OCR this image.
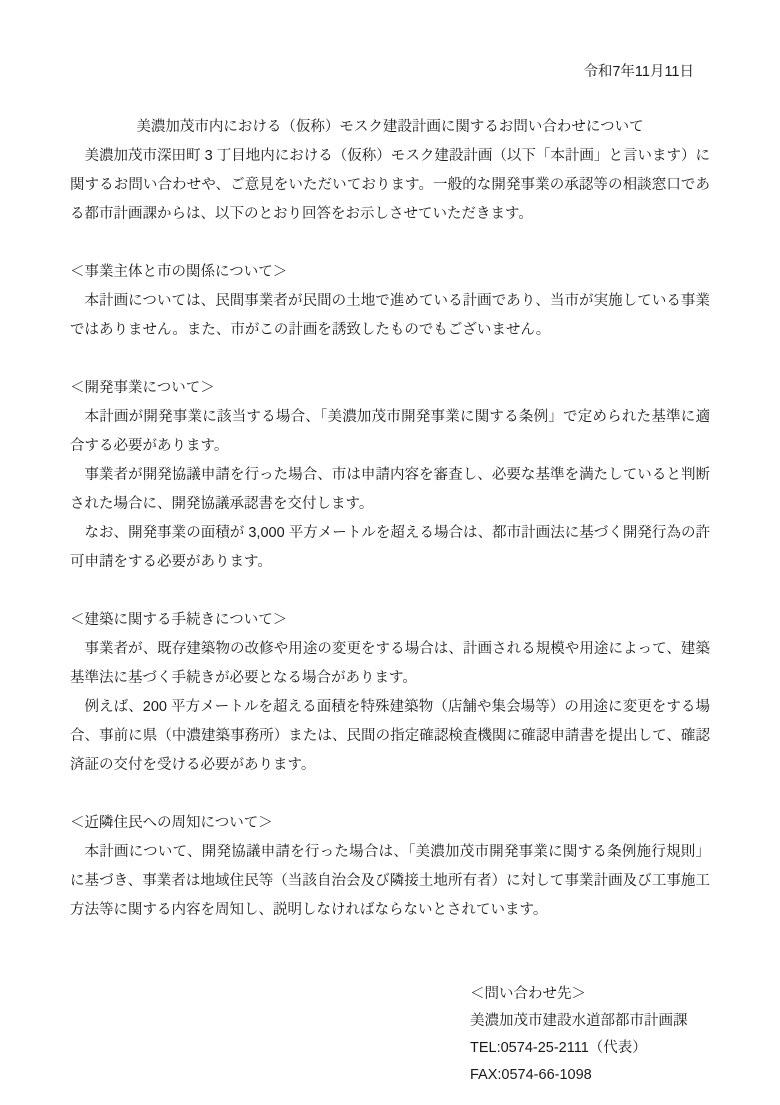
令和7年11月11日
美濃加茂市内における（仮称）モスク建設計画に関するお問い合わせについて

美濃加茂市深田町 3 丁目地内における（仮称）モスク建設計画（以下「本計画」と言います）に関するお問い合わせや、ご意見をいただいております。一般的な開発事業の承認等の相談窓口である都市計画課からは、以下のとおり回答をお示しさせていただきます。

＜事業主体と市の関係について＞

本計画については、民間事業者が民間の土地で進めている計画であり、当市が実施している事業ではありません。また、市がこの計画を誘致したものでもございません。

＜開発事業について＞

本計画が開発事業に該当する場合、「美濃加茂市開発事業に関する条例」で定められた基準に適合する必要があります。

事業者が開発協議申請を行った場合、市は申請内容を審査し、必要な基準を満たしていると判断された場合に、開発協議承認書を交付します。

なお、開発事業の面積が 3,000 平方メートルを超える場合は、都市計画法に基づく開発行為の許可申請をする必要があります。

＜建築に関する手続きについて＞

事業者が、既存建築物の改修や用途の変更をする場合は、計画される規模や用途によって、建築基準法に基づく手続きが必要となる場合があります。

例えば、200 平方メートルを超える面積を特殊建築物（店舗や集会場等）の用途に変更をする場合、事前に県（中濃建築事務所）または、民間の指定確認検査機関に確認申請書を提出して、確認済証の交付を受ける必要があります。

＜近隣住民への周知について＞

本計画について、開発協議申請を行った場合は、「美濃加茂市開発事業に関する条例施行規則」に基づき、事業者は地域住民等（当該自治会及び隣接土地所有者）に対して事業計画及び工事施工方法等に関する内容を周知し、説明しなければならないとされています。

＜問い合わせ先＞

美濃加茂市建設水道部都市計画課

TEL:0574-25-2111（代表）

FAX:0574-66-1098
